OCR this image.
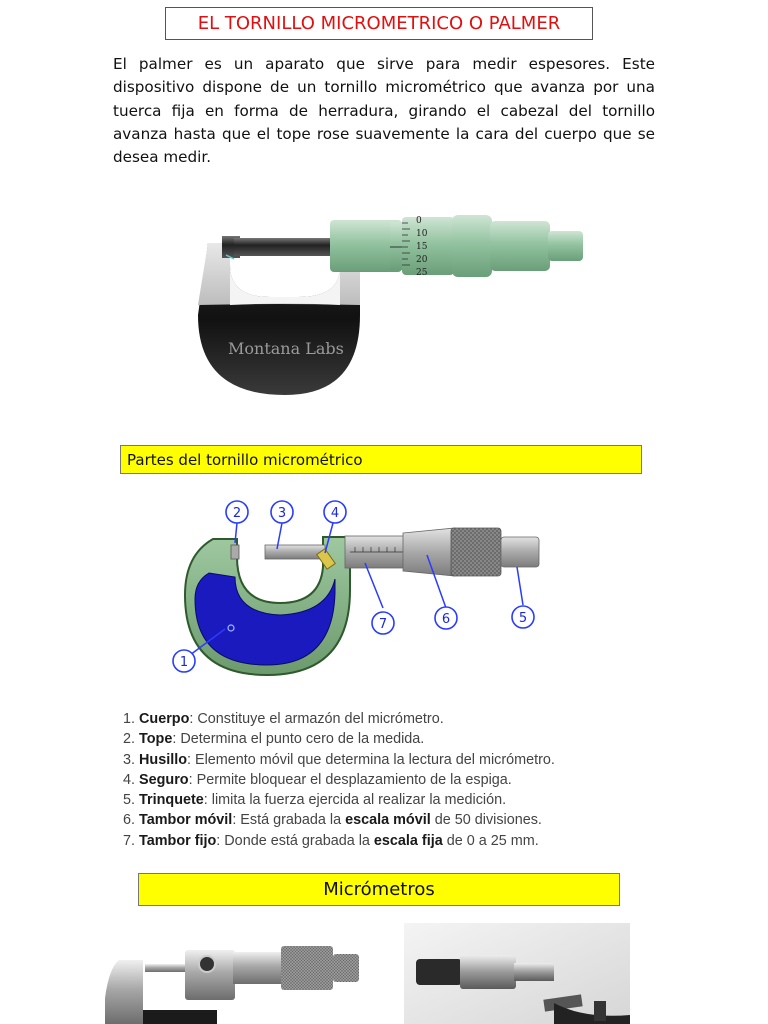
EL TORNILLO MICROMETRICO O PALMER

El palmer es un aparato que sirve para medir espesores. Este dispositivo dispone de un tornillo micrométrico que avanza por una tuerca fija en forma de herradura, girando el cabezal del tornillo avanza hasta que el tope rose suavemente la cara del cuerpo que se desea medir.

0
10
15
20
25
Montana Labs
Partes del tornillo micrométrico
1
2	3	4
5
6
7
1. Cuerpo: Constituye el armazón del micrómetro.
2. Tope: Determina el punto cero de la medida.
3. Husillo: Elemento móvil que determina la lectura del micrómetro.
4. Seguro: Permite bloquear el desplazamiento de la espiga.
5. Trinquete: limita la fuerza ejercida al realizar la medición.
6. Tambor móvil: Está grabada la escala móvil de 50 divisiones.
7. Tambor fijo: Donde está grabada la escala fija de 0 a 25 mm.
Micrómetros
